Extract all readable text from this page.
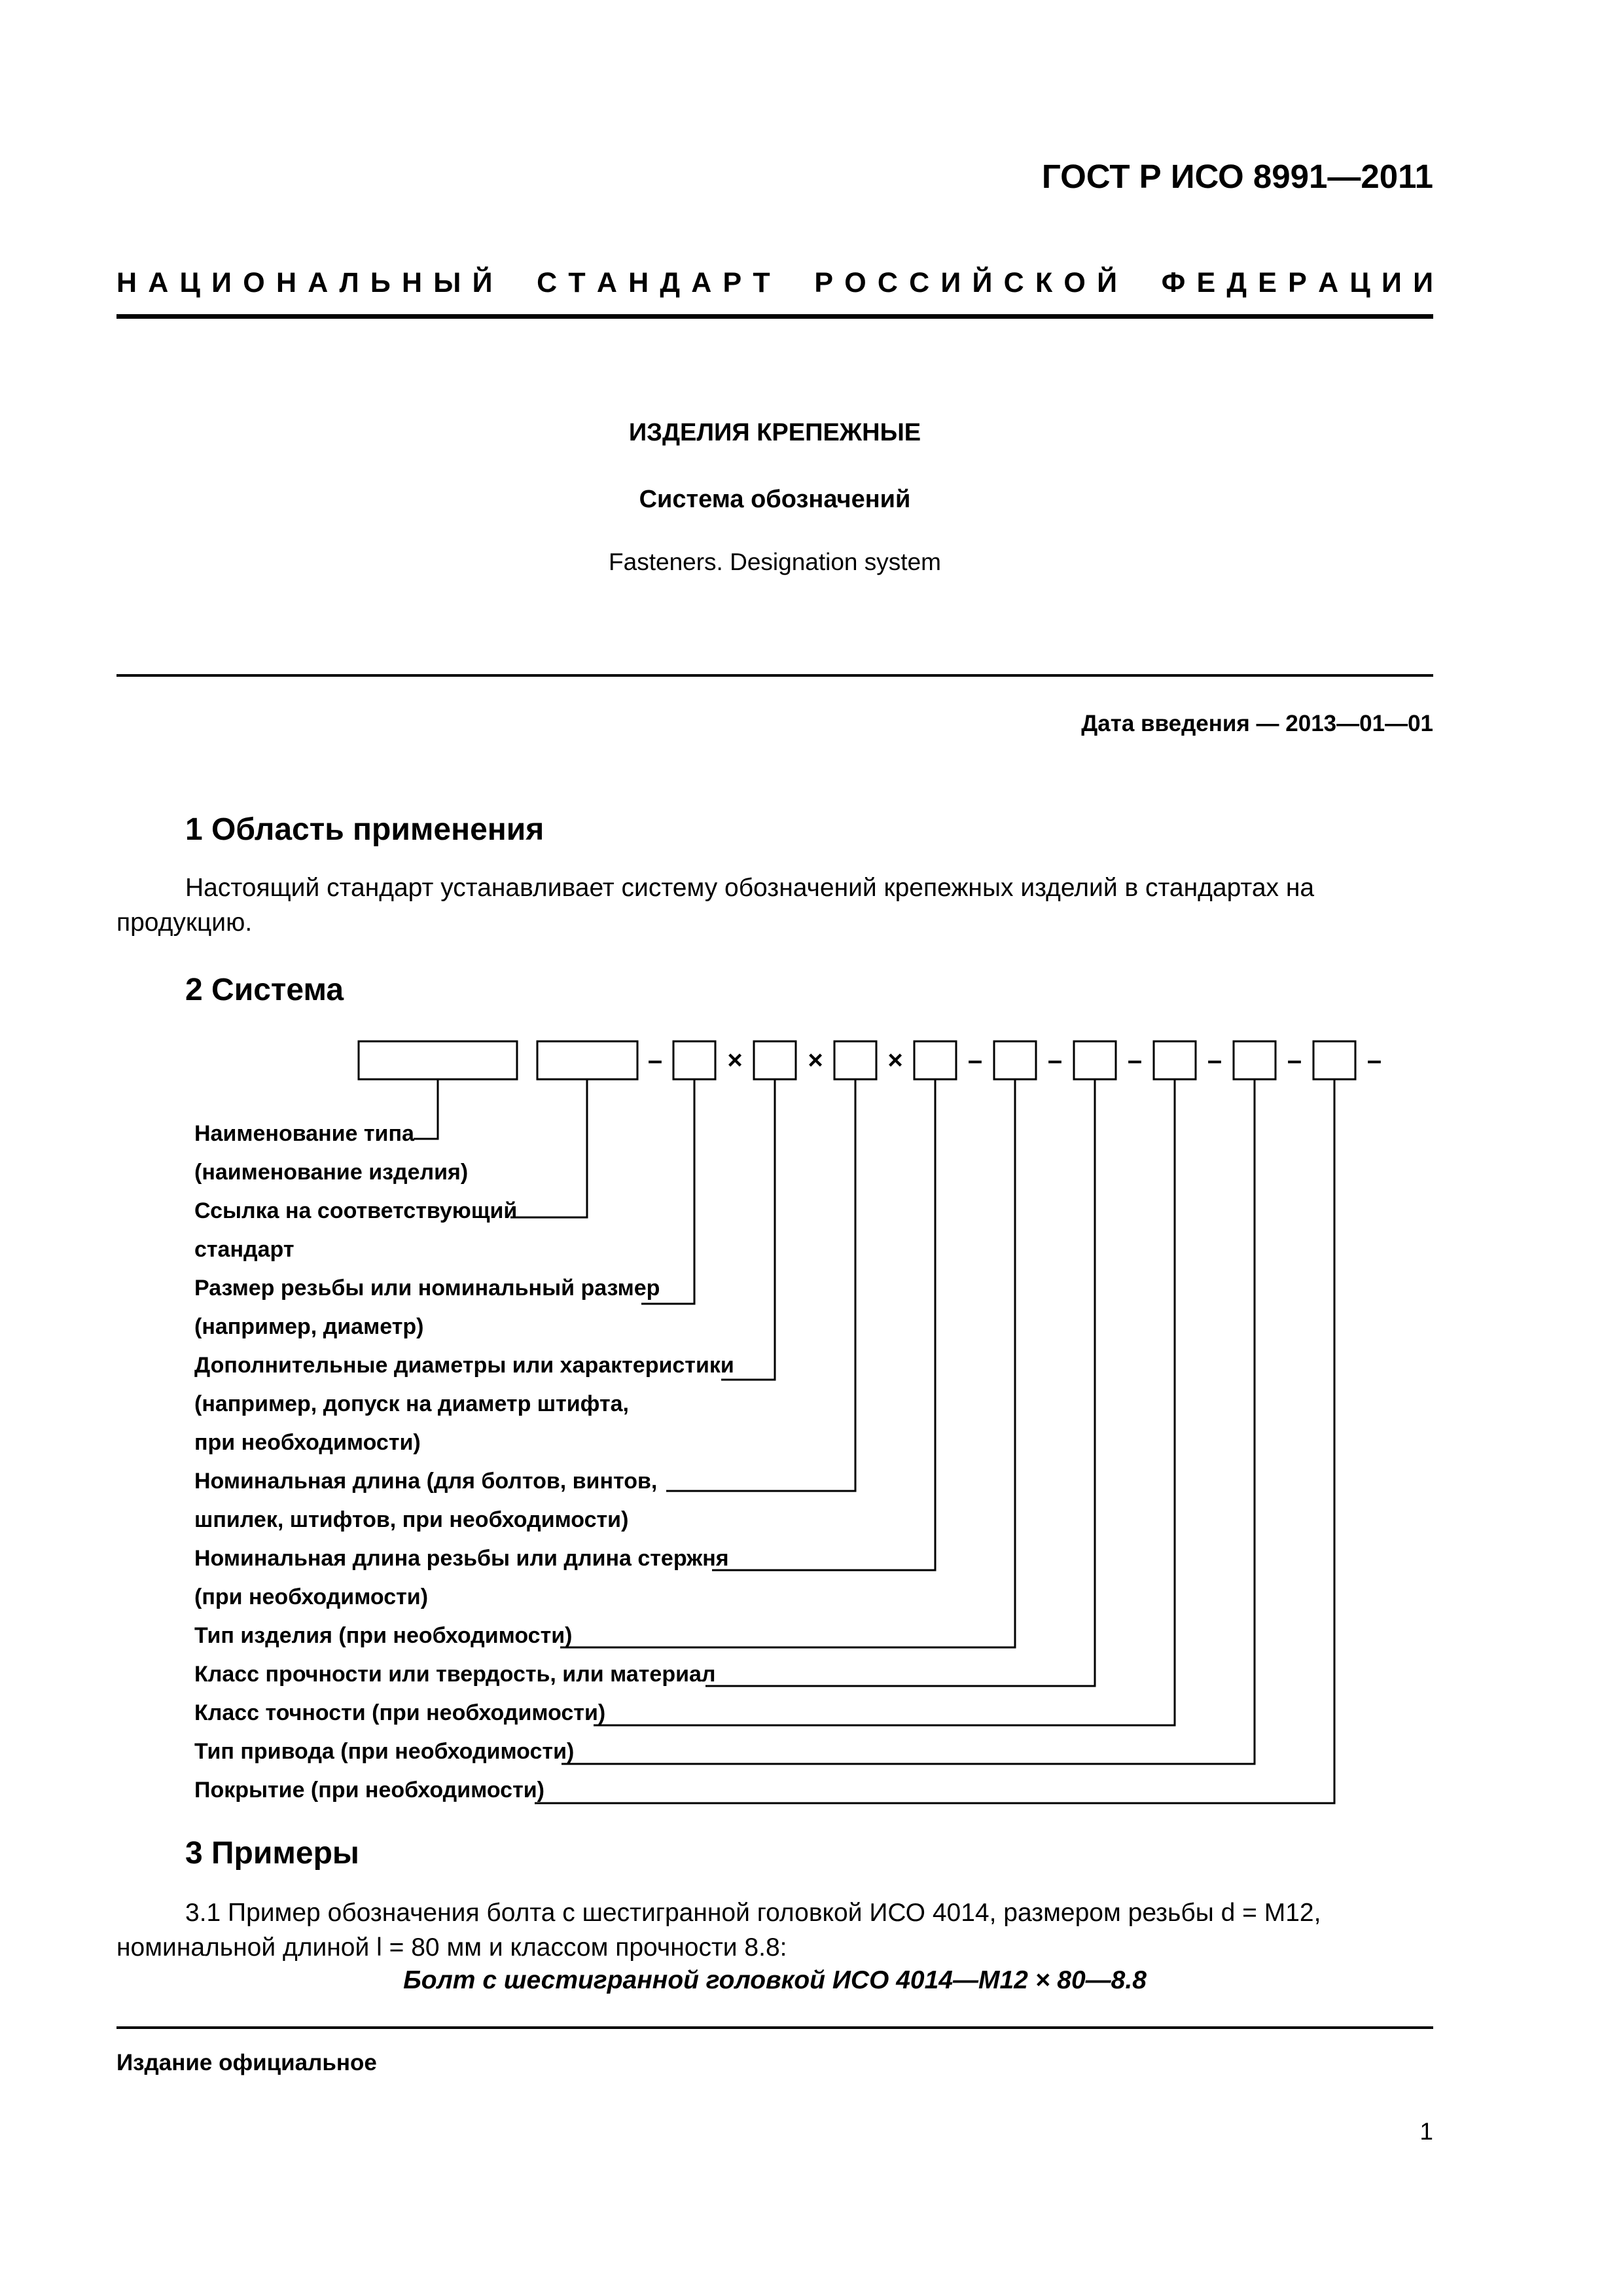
ГОСТ Р ИСО 8991—2011
Н  А  Ц  И  О  Н  А  Л  Ь  Н  Ы  Й С  Т  А  Н  Д  А  Р  Т Р  О  С  С  И  Й  С  К  О  Й Ф  Е  Д  Е  Р  А  Ц  И  И
ИЗДЕЛИЯ КРЕПЕЖНЫЕ
Система обозначений
Fasteners. Designation system
Дата введения — 2013—01—01
1 Область применения
Настоящий стандарт устанавливает систему обозначений крепежных изделий в стандартах на
продукцию.
2 Система
– × × × – – – – – –
Наименование типа
(наименование изделия)
Ссылка на соответствующий
стандарт
Размер резьбы или номинальный размер
(например, диаметр)
Дополнительные диаметры или характеристики
(например, допуск на диаметр штифта,
при необходимости)
Номинальная длина (для болтов, винтов,
шпилек, штифтов, при необходимости)
Номинальная длина резьбы или длина стержня
(при необходимости)
Тип изделия (при необходимости)
Класс прочности или твердость, или материал
Класс точности (при необходимости)
Тип привода (при необходимости)
Покрытие (при необходимости)
3 Примеры
3.1 Пример обозначения болта с шестигранной головкой ИСО 4014, размером резьбы d = M12,
номинальной длиной l = 80 мм и классом прочности 8.8:
Болт с шестигранной головкой ИСО 4014—M12 × 80—8.8
Издание официальное
1
